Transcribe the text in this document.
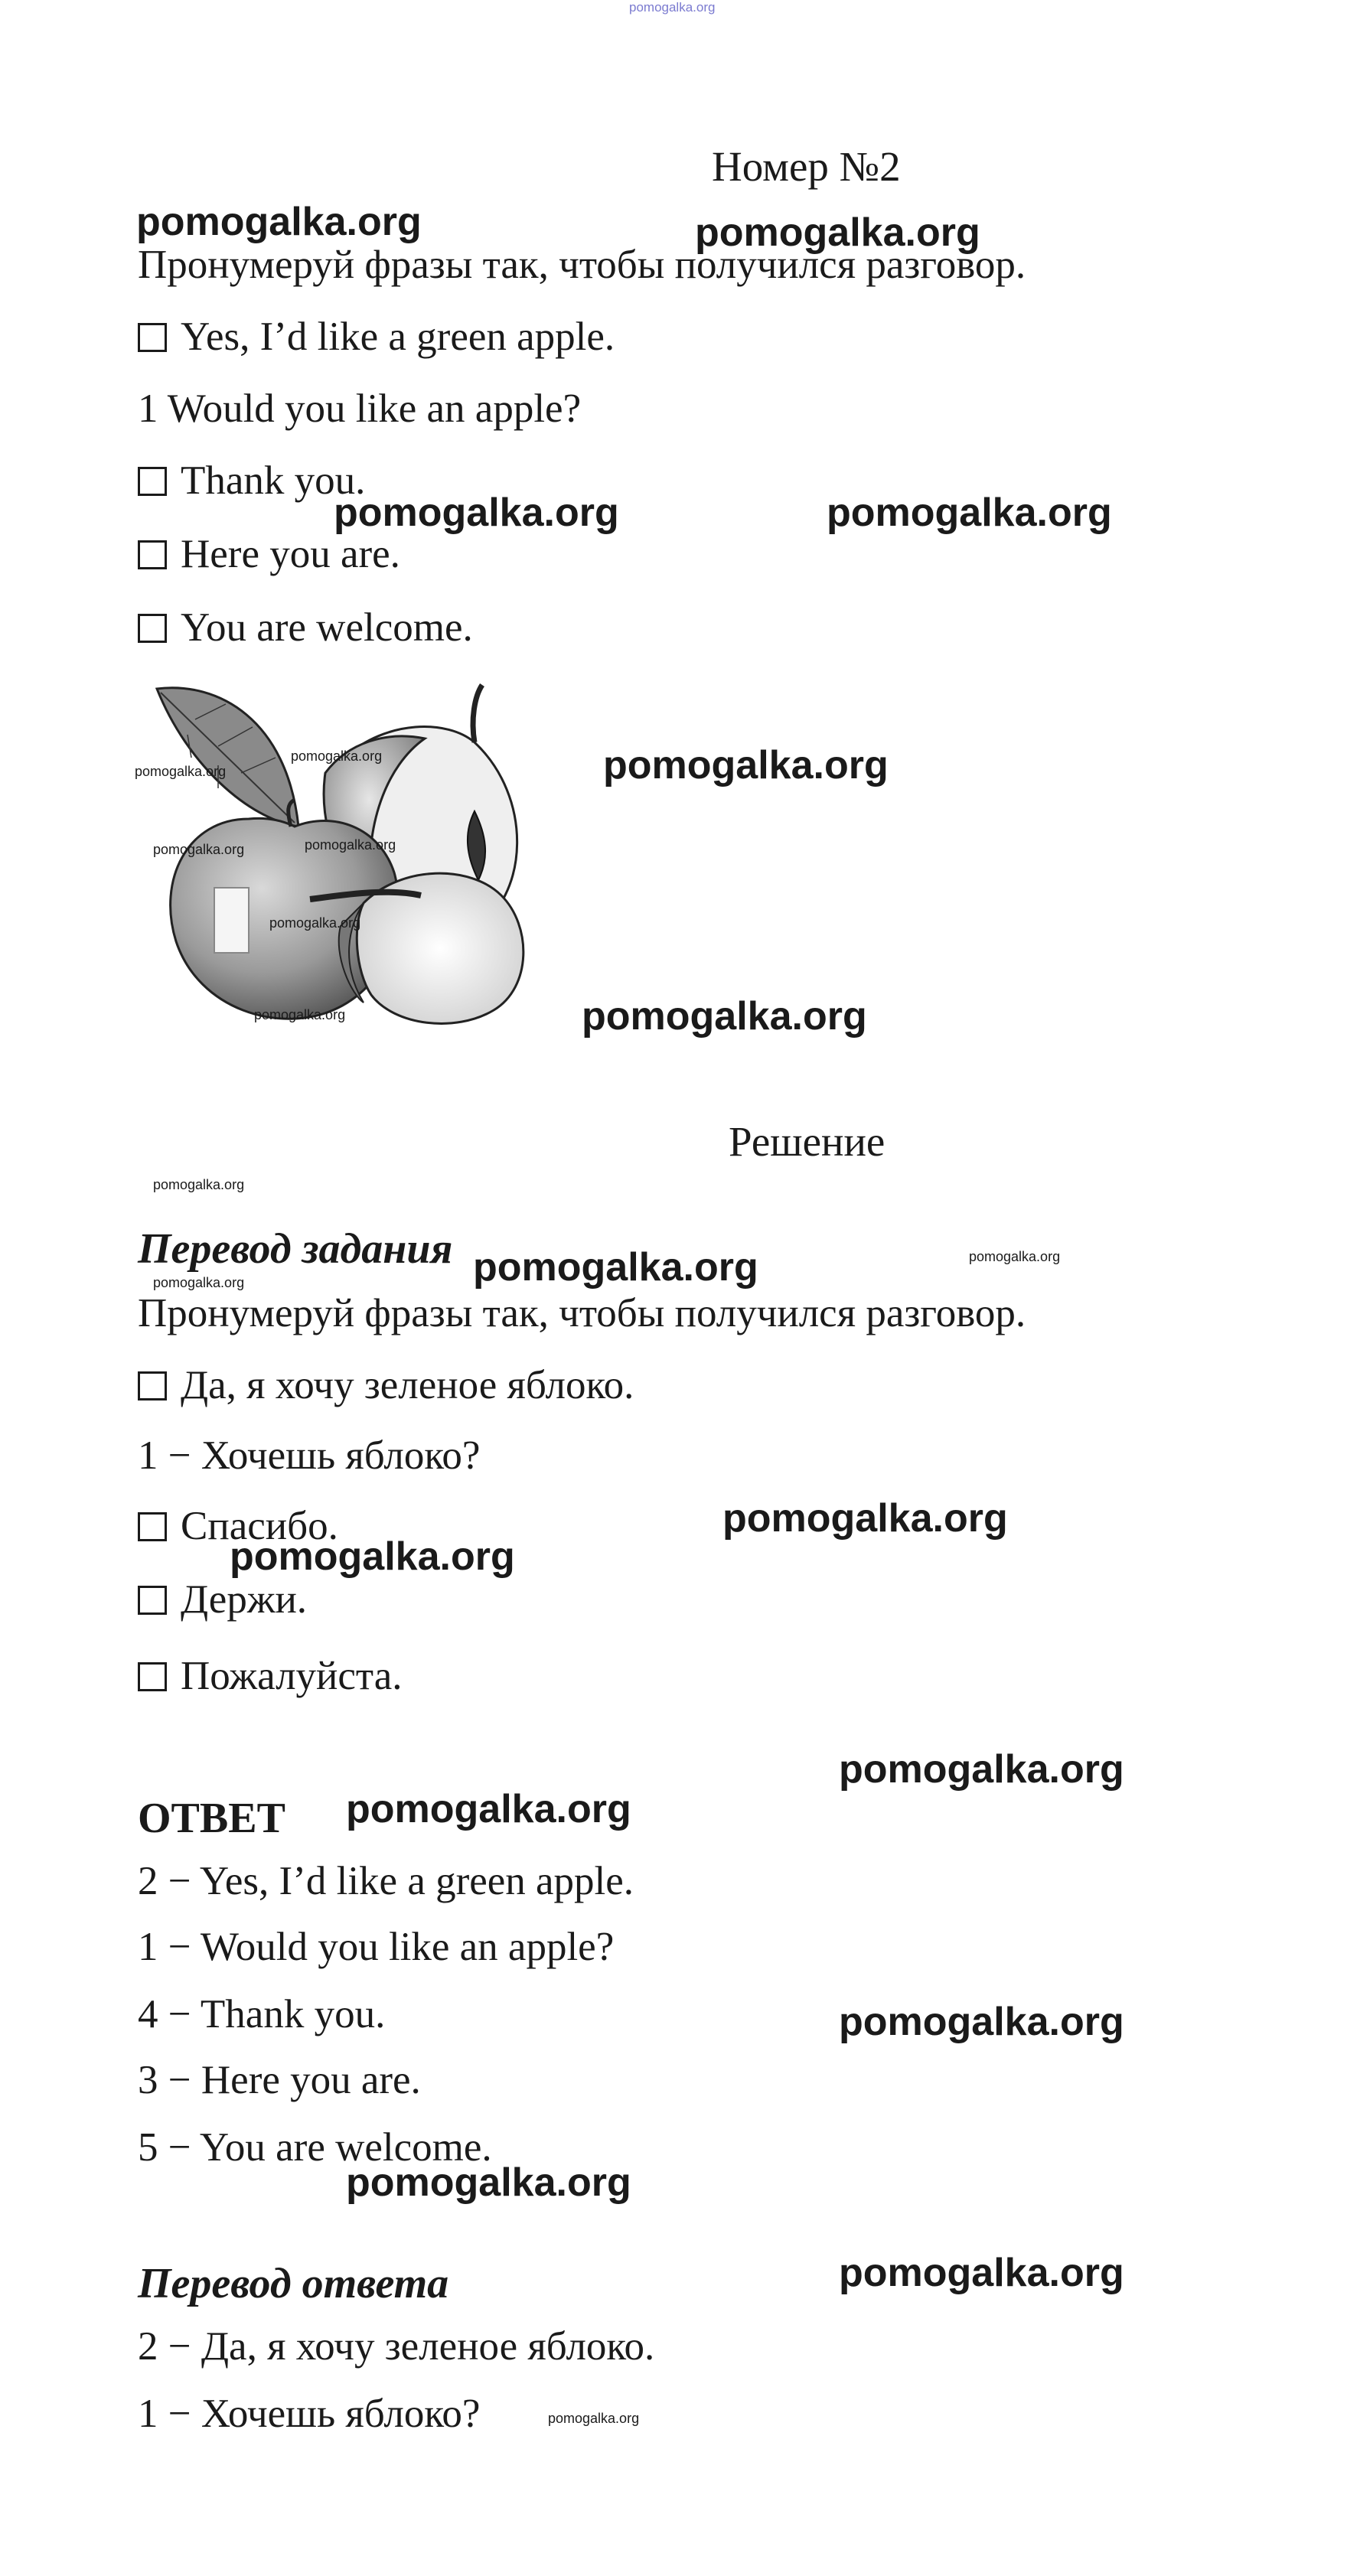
pomogalka.org
Номер №2
Пронумеруй фразы так, чтобы получился разговор.
Yes, I’d like a green apple.
1 Would you like an apple?
Thank you.
Here you are.
You are welcome.
Решение
Перевод задания
Пронумеруй фразы так, чтобы получился разговор.
Да, я хочу зеленое яблоко.
1 − Хочешь яблоко?
Спасибо.
Держи.
Пожалуйста.
ОТВЕТ
2 − Yes, I’d like a green apple.
1 − Would you like an apple?
4 − Thank you.
3 − Here you are.
5 − You are welcome.
Перевод ответа
2 − Да, я хочу зеленое яблоко.
1 − Хочешь яблоко?
pomogalka.org	pomogalka.org
pomogalka.org	pomogalka.org
pomogalka.org
pomogalka.org
pomogalka.org
pomogalka.org
pomogalka.org
pomogalka.org
pomogalka.org
pomogalka.org
pomogalka.org
pomogalka.org
pomogalka.org
pomogalka.org
pomogalka.org	pomogalka.org
pomogalka.org
pomogalka.org
pomogalka.org
pomogalka.org
pomogalka.org
pomogalka.org
